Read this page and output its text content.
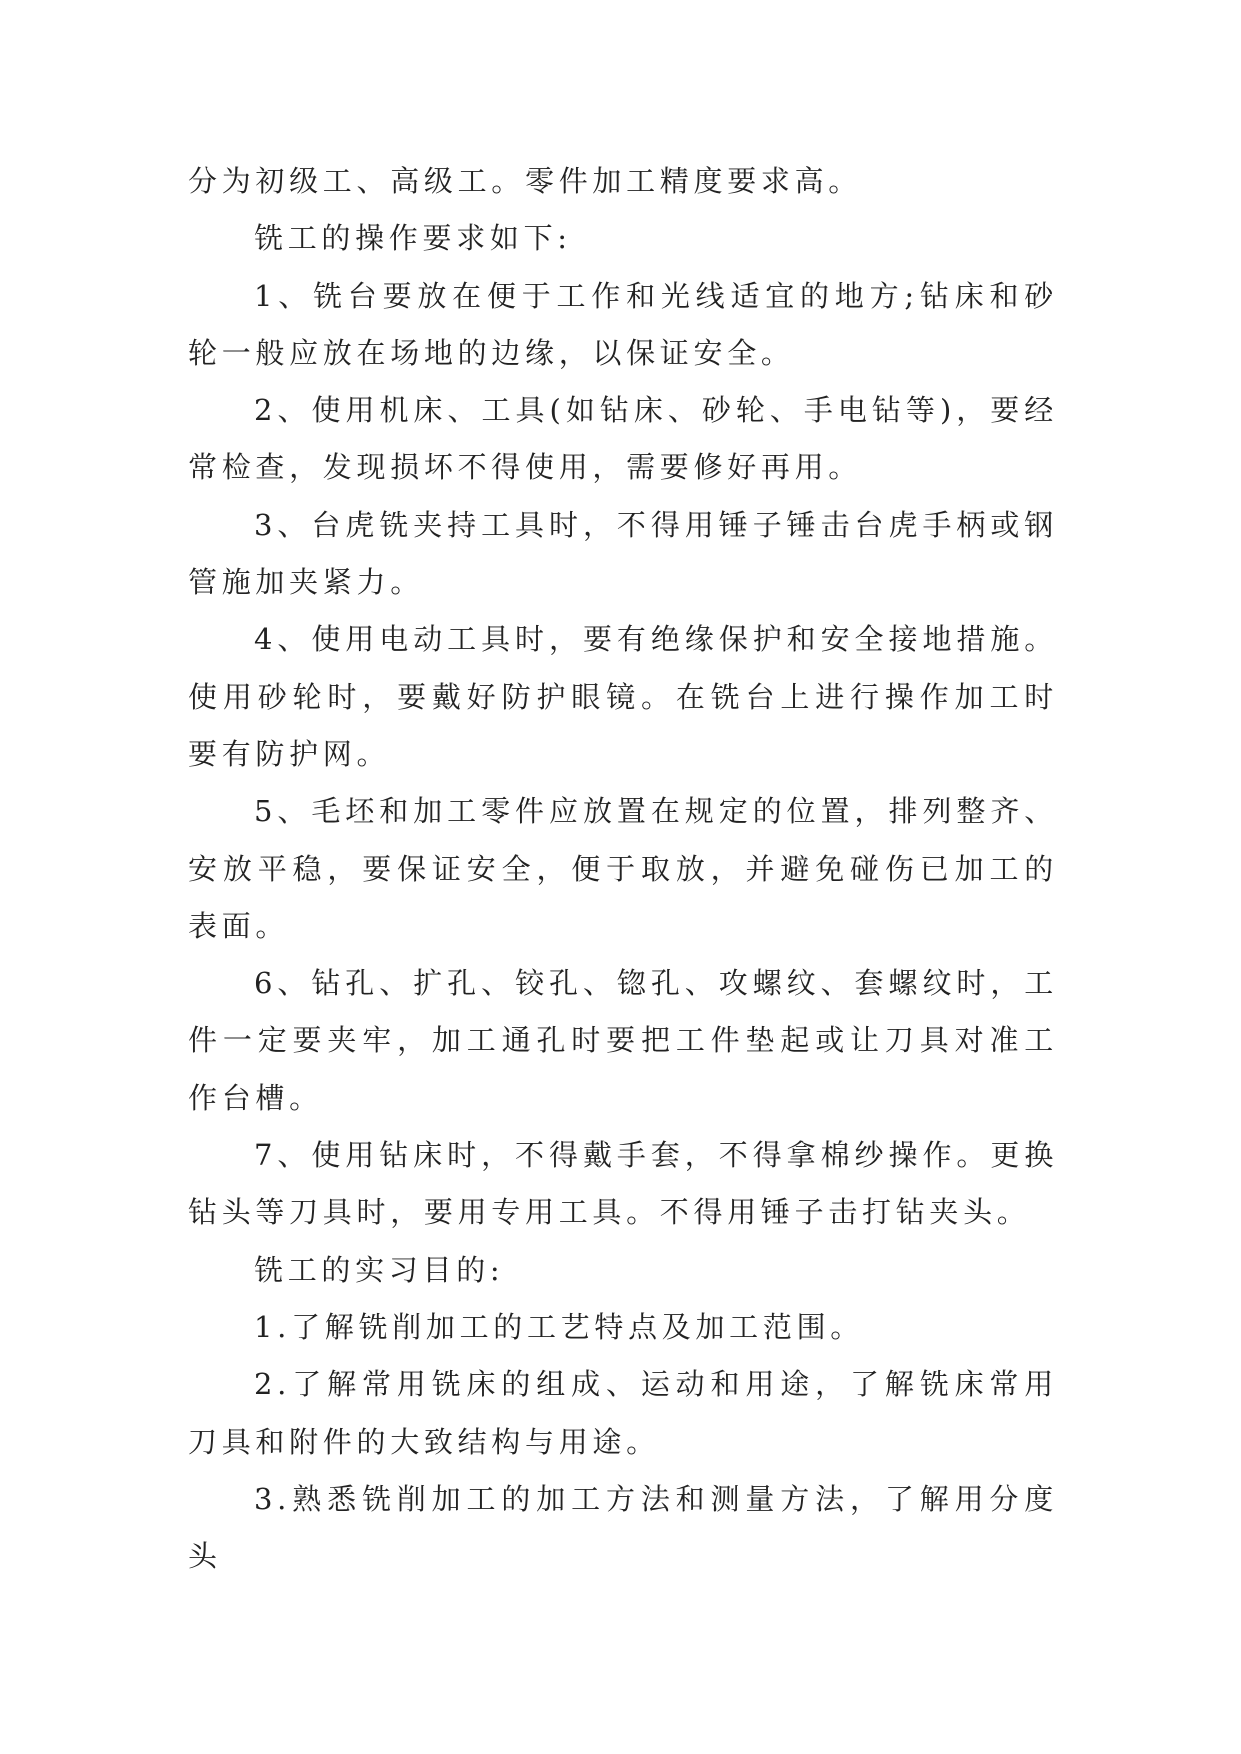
分为初级工、高级工。零件加工精度要求高。

铣工的操作要求如下:

1、铣台要放在便于工作和光线适宜的地方;钻床和砂轮一般应放在场地的边缘，以保证安全。

2、使用机床、工具(如钻床、砂轮、手电钻等)，要经常检查，发现损坏不得使用，需要修好再用。

3、台虎铣夹持工具时，不得用锤子锤击台虎手柄或钢管施加夹紧力。

4、使用电动工具时，要有绝缘保护和安全接地措施。使用砂轮时，要戴好防护眼镜。在铣台上进行操作加工时要有防护网。

5、毛坯和加工零件应放置在规定的位置，排列整齐、安放平稳，要保证安全，便于取放，并避免碰伤已加工的表面。

6、钻孔、扩孔、铰孔、锪孔、攻螺纹、套螺纹时，工件一定要夹牢，加工通孔时要把工件垫起或让刀具对准工作台槽。

7、使用钻床时，不得戴手套，不得拿棉纱操作。更换钻头等刀具时，要用专用工具。不得用锤子击打钻夹头。

铣工的实习目的:

1.了解铣削加工的工艺特点及加工范围。

2.了解常用铣床的组成、运动和用途，了解铣床常用刀具和附件的大致结构与用途。

3.熟悉铣削加工的加工方法和测量方法，了解用分度头
